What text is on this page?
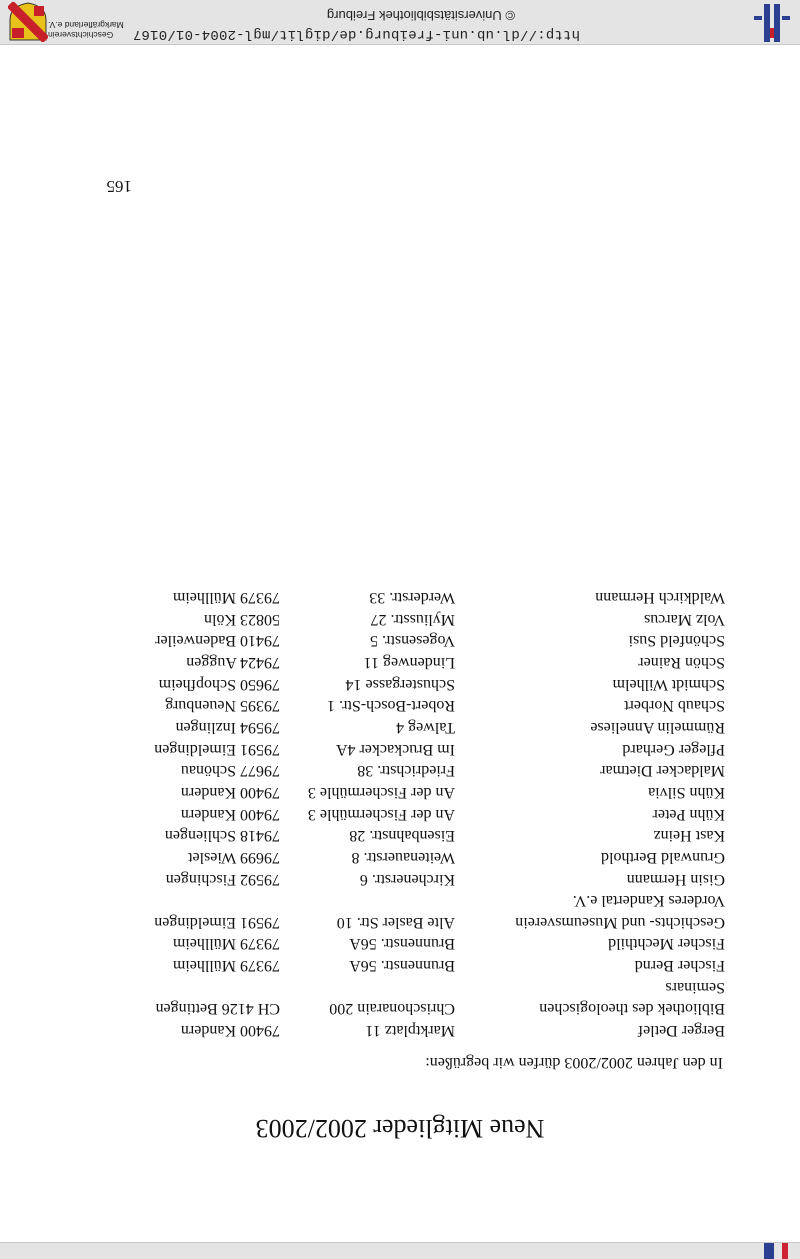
Neue Mitglieder 2002/2003
In den Jahren 2002/2003 dürfen wir begrüßen:
Berger Detlef
Marktplatz 11
79400 Kandern
Bibliothek des theologischen
Chrischonarain 200
CH 4126 Bettingen
Seminars
Fischer Bernd
Brunnenstr. 56A
79379 Müllheim
Fischer Mechthild
Brunnenstr. 56A
79379 Müllheim
Geschichts- und Museumsverein
Alte Basler Str. 10
79591 Eimeldingen
Vorderes Kandertal e.V.
Gisin Hermann
Kirchenerstr. 6
79592 Fischingen
Grunwald Berthold
Weitenauerstr. 8
79699 Wieslet
Kast Heinz
Eisenbahnstr. 28
79418 Schliengen
Kühn Peter
An der Fischermühle 3
79400 Kandern
Kühn Silvia
An der Fischermühle 3
79400 Kandern
Maldacker Dietmar
Friedrichstr. 38
79677 Schönau
Pfleger Gerhard
Im Bruckacker 4A
79591 Eimeldingen
Rümmelin Anneliese
Talweg 4
79594 Inzlingen
Schaub Norbert
Robert-Bosch-Str. 1
79395 Neuenburg
Schmidt Wilhelm
Schustergasse 14
79650 Schopfheim
Schön Rainer
Lindenweg 11
79424 Auggen
Schönfeld Susi
Vogesenstr. 5
79410 Badenweiler
Volz Marcus
Myliusstr. 27
50823 Köln
Waldkirch Hermann
Werderstr. 33
79379 Müllheim
165
http://dl.ub.uni-freiburg.de/diglit/mgl-2004-01/0167
© Universitätsbibliothek Freiburg
Geschichtsverein
Markgräflerland e.V.
